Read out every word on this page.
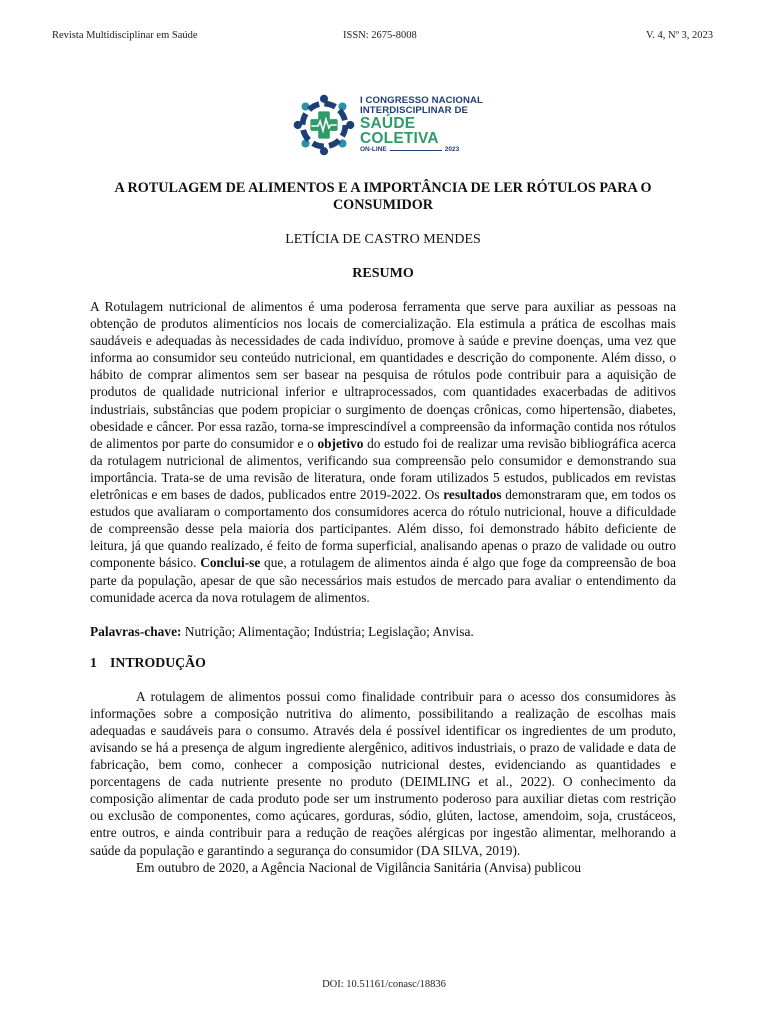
Revista Multidisciplinar em Saúde	ISSN: 2675-8008	V. 4, Nº 3, 2023
I CONGRESSO NACIONAL
INTERDISCIPLINAR DE
SAÚDE COLETIVA
ON-LINE	2023
A ROTULAGEM DE ALIMENTOS E A IMPORTÂNCIA DE LER RÓTULOS PARA O CONSUMIDOR
LETÍCIA DE CASTRO MENDES
RESUMO

A Rotulagem nutricional de alimentos é uma poderosa ferramenta que serve para auxiliar as pessoas na obtenção de produtos alimentícios nos locais de comercialização. Ela estimula a prática de escolhas mais saudáveis e adequadas às necessidades de cada indivíduo, promove à saúde e previne doenças, uma vez que informa ao consumidor seu conteúdo nutricional, em quantidades e descrição do componente. Além disso, o hábito de comprar alimentos sem ser basear na pesquisa de rótulos pode contribuir para a aquisição de produtos de qualidade nutricional inferior e ultraprocessados, com quantidades exacerbadas de aditivos industriais, substâncias que podem propiciar o surgimento de doenças crônicas, como hipertensão, diabetes, obesidade e câncer. Por essa razão, torna-se imprescindível a compreensão da informação contida nos rótulos de alimentos por parte do consumidor e o objetivo do estudo foi de realizar uma revisão bibliográfica acerca da rotulagem nutricional de alimentos, verificando sua compreensão pelo consumidor e demonstrando sua importância. Trata-se de uma revisão de literatura, onde foram utilizados 5 estudos, publicados em revistas eletrônicas e em bases de dados, publicados entre 2019-2022. Os resultados demonstraram que, em todos os estudos que avaliaram o comportamento dos consumidores acerca do rótulo nutricional, houve a dificuldade de compreensão desse pela maioria dos participantes. Além disso, foi demonstrado hábito deficiente de leitura, já que quando realizado, é feito de forma superficial, analisando apenas o prazo de validade ou outro componente básico. Conclui-se que, a rotulagem de alimentos ainda é algo que foge da compreensão de boa parte da população, apesar de que são necessários mais estudos de mercado para avaliar o entendimento da comunidade acerca da nova rotulagem de alimentos.

Palavras-chave: Nutrição; Alimentação; Indústria; Legislação; Anvisa.
1 INTRODUÇÃO

A rotulagem de alimentos possui como finalidade contribuir para o acesso dos consumidores às informações sobre a composição nutritiva do alimento, possibilitando a realização de escolhas mais adequadas e saudáveis para o consumo. Através dela é possível identificar os ingredientes de um produto, avisando se há a presença de algum ingrediente alergênico, aditivos industriais, o prazo de validade e data de fabricação, bem como, conhecer a composição nutricional destes, evidenciando as quantidades e porcentagens de cada nutriente presente no produto (DEIMLING et al., 2022). O conhecimento da composição alimentar de cada produto pode ser um instrumento poderoso para auxiliar dietas com restrição ou exclusão de componentes, como açúcares, gorduras, sódio, glúten, lactose, amendoim, soja, crustáceos, entre outros, e ainda contribuir para a redução de reações alérgicas por ingestão alimentar, melhorando a saúde da população e garantindo a segurança do consumidor (DA SILVA, 2019).

Em outubro de 2020, a Agência Nacional de Vigilância Sanitária (Anvisa) publicou

DOI: 10.51161/conasc/18836
